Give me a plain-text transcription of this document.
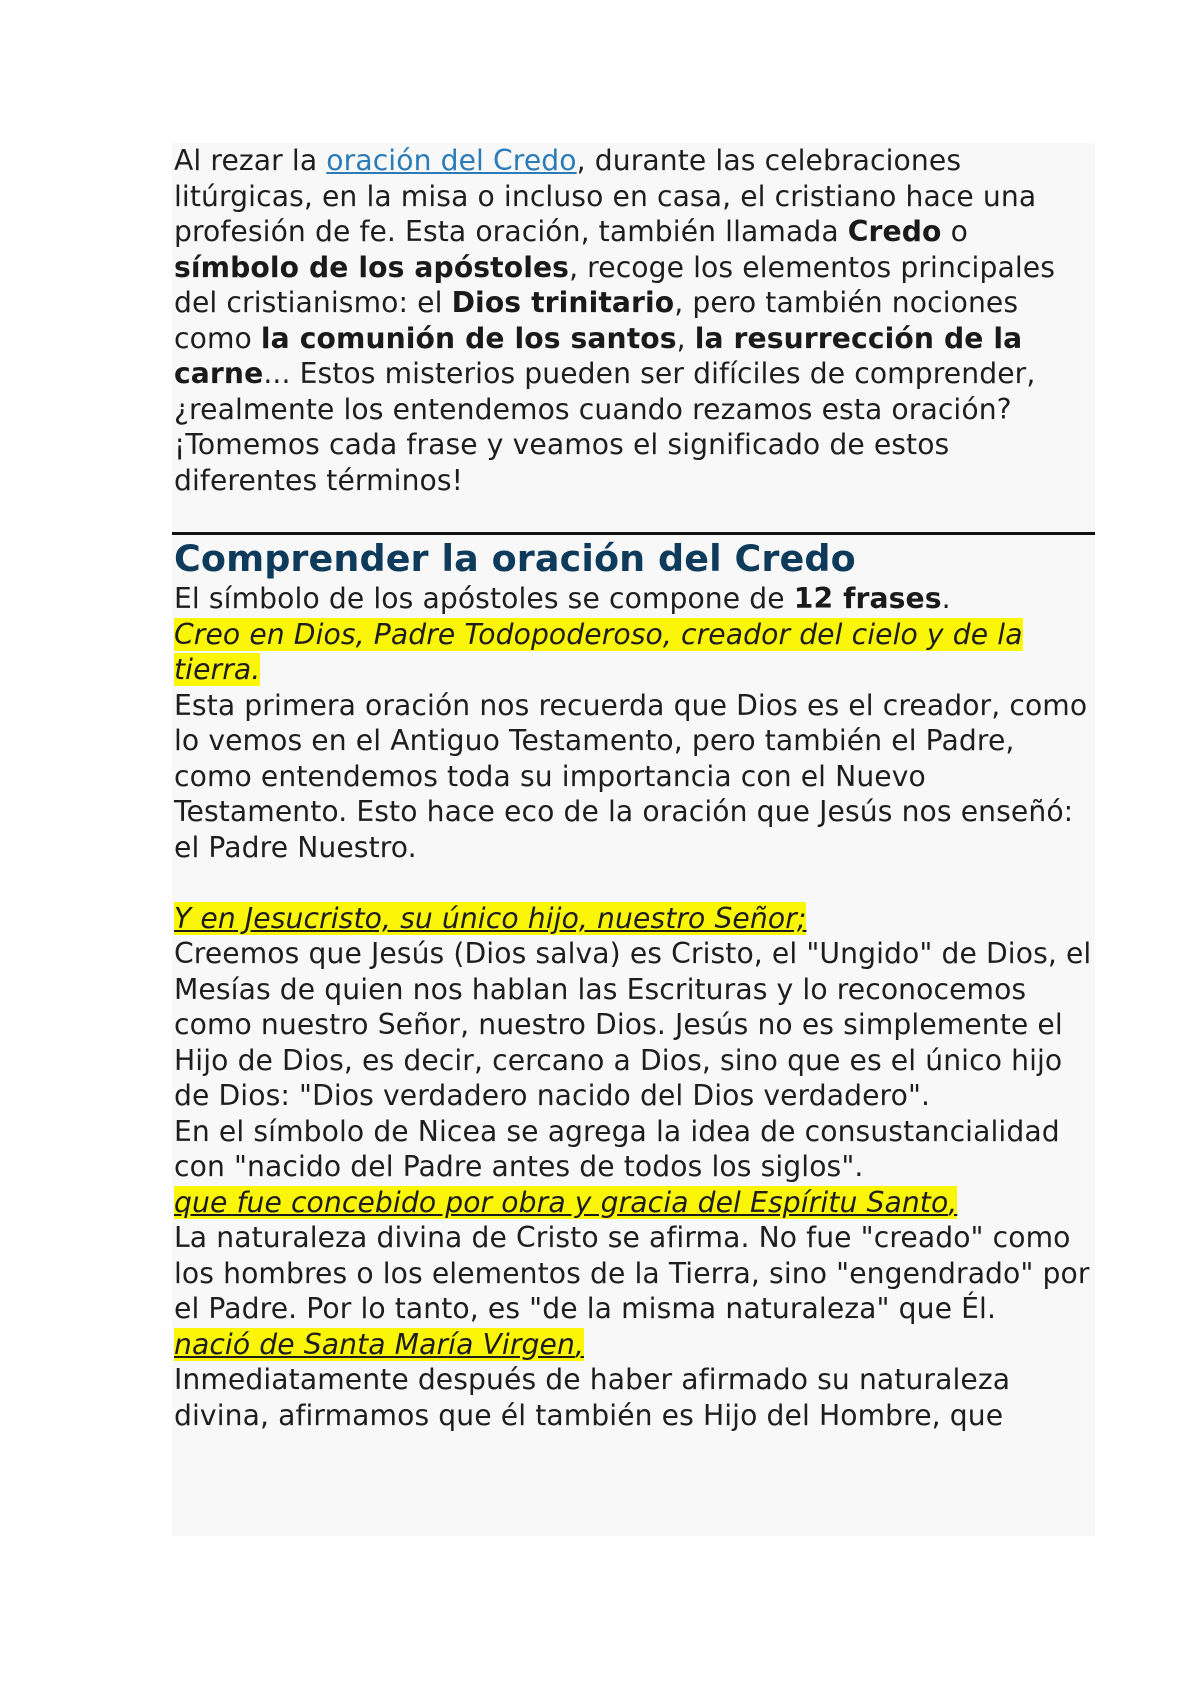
Al rezar la oración del Credo, durante las celebraciones litúrgicas, en la misa o incluso en casa, el cristiano hace una profesión de fe. Esta oración, también llamada Credo o símbolo de los apóstoles, recoge los elementos principales del cristianismo: el Dios trinitario, pero también nociones como la comunión de los santos, la resurrección de la carne... Estos misterios pueden ser difíciles de comprender, ¿realmente los entendemos cuando rezamos esta oración? ¡Tomemos cada frase y veamos el significado de estos diferentes términos!

Comprender la oración del Credo

El símbolo de los apóstoles se compone de 12 frases.

Creo en Dios, Padre Todopoderoso, creador del cielo y de la tierra.

Esta primera oración nos recuerda que Dios es el creador, como lo vemos en el Antiguo Testamento, pero también el Padre, como entendemos toda su importancia con el Nuevo Testamento. Esto hace eco de la oración que Jesús nos enseñó: el Padre Nuestro.

Y en Jesucristo, su único hijo, nuestro Señor;

Creemos que Jesús (Dios salva) es Cristo, el "Ungido" de Dios, el Mesías de quien nos hablan las Escrituras y lo reconocemos como nuestro Señor, nuestro Dios. Jesús no es simplemente el Hijo de Dios, es decir, cercano a Dios, sino que es el único hijo de Dios: "Dios verdadero nacido del Dios verdadero".

En el símbolo de Nicea se agrega la idea de consustancialidad con "nacido del Padre antes de todos los siglos".

que fue concebido por obra y gracia del Espíritu Santo,

La naturaleza divina de Cristo se afirma. No fue "creado" como los hombres o los elementos de la Tierra, sino "engendrado" por el Padre. Por lo tanto, es "de la misma naturaleza" que Él.

nació de Santa María Virgen,

Inmediatamente después de haber afirmado su naturaleza divina, afirmamos que él también es Hijo del Hombre, que
